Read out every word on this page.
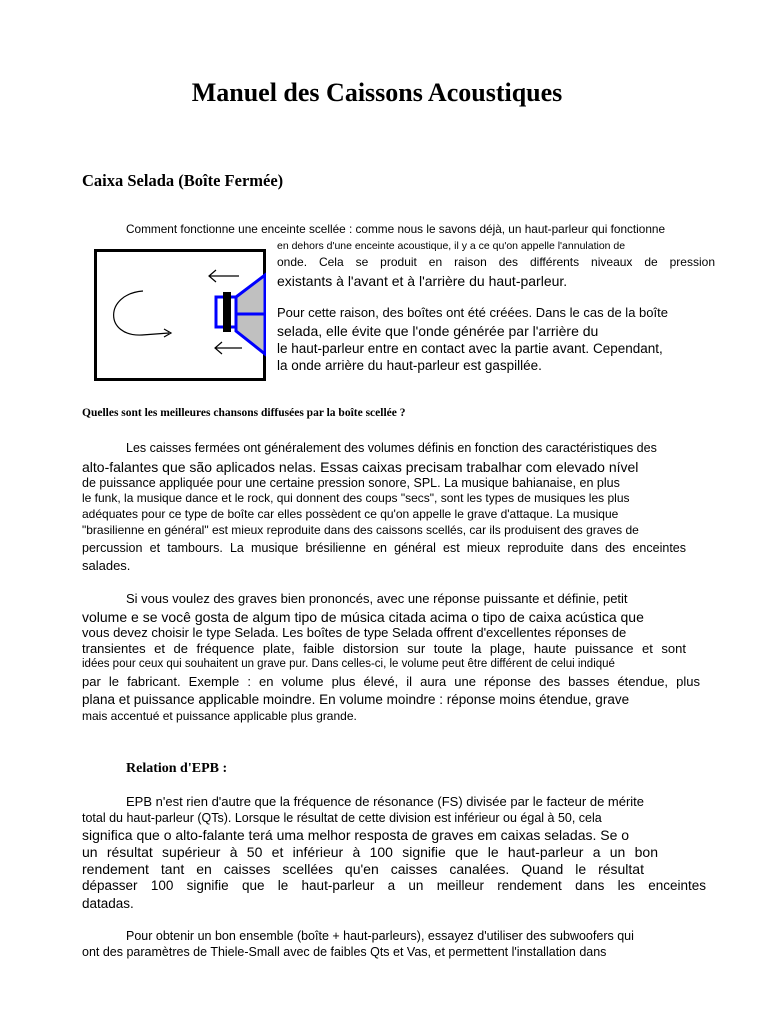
Manuel des Caissons Acoustiques
Caixa Selada (Boîte Fermée)
Comment fonctionne une enceinte scellée : comme nous le savons déjà, un haut-parleur qui fonctionne
en dehors d'une enceinte acoustique, il y a ce qu'on appelle l'annulation de
onde. Cela se produit en raison des différents niveaux de pression
existants à l'avant et à l'arrière du haut-parleur.
Pour cette raison, des boîtes ont été créées. Dans le cas de la boîte
selada, elle évite que l'onde générée par l'arrière du
le haut-parleur entre en contact avec la partie avant. Cependant,
la onde arrière du haut-parleur est gaspillée.
Quelles sont les meilleures chansons diffusées par la boîte scellée ?
Les caisses fermées ont généralement des volumes définis en fonction des caractéristiques des
alto-falantes que são aplicados nelas. Essas caixas precisam trabalhar com elevado nível
de puissance appliquée pour une certaine pression sonore, SPL. La musique bahianaise, en plus
le funk, la musique dance et le rock, qui donnent des coups "secs", sont les types de musiques les plus
adéquates pour ce type de boîte car elles possèdent ce qu'on appelle le grave d'attaque. La musique
"brasilienne en général" est mieux reproduite dans des caissons scellés, car ils produisent des graves de
percussion et tambours. La musique brésilienne en général est mieux reproduite dans des enceintes
salades.
Si vous voulez des graves bien prononcés, avec une réponse puissante et définie, petit
volume e se você gosta de algum tipo de música citada acima o tipo de caixa acústica que
vous devez choisir le type Selada. Les boîtes de type Selada offrent d'excellentes réponses de
transientes et de fréquence plate, faible distorsion sur toute la plage, haute puissance et sont
idées pour ceux qui souhaitent un grave pur. Dans celles-ci, le volume peut être différent de celui indiqué
par le fabricant. Exemple : en volume plus élevé, il aura une réponse des basses étendue, plus
plana et puissance applicable moindre. En volume moindre : réponse moins étendue, grave
mais accentué et puissance applicable plus grande.
Relation d'EPB :
EPB n'est rien d'autre que la fréquence de résonance (FS) divisée par le facteur de mérite
total du haut-parleur (QTs). Lorsque le résultat de cette division est inférieur ou égal à 50, cela
significa que o alto-falante terá uma melhor resposta de graves em caixas seladas. Se o
un résultat supérieur à 50 et inférieur à 100 signifie que le haut-parleur a un bon
rendement tant en caisses scellées qu'en caisses canalées. Quand le résultat
dépasser 100 signifie que le haut-parleur a un meilleur rendement dans les enceintes
datadas.
Pour obtenir un bon ensemble (boîte + haut-parleurs), essayez d'utiliser des subwoofers qui
ont des paramètres de Thiele-Small avec de faibles Qts et Vas, et permettent l'installation dans
